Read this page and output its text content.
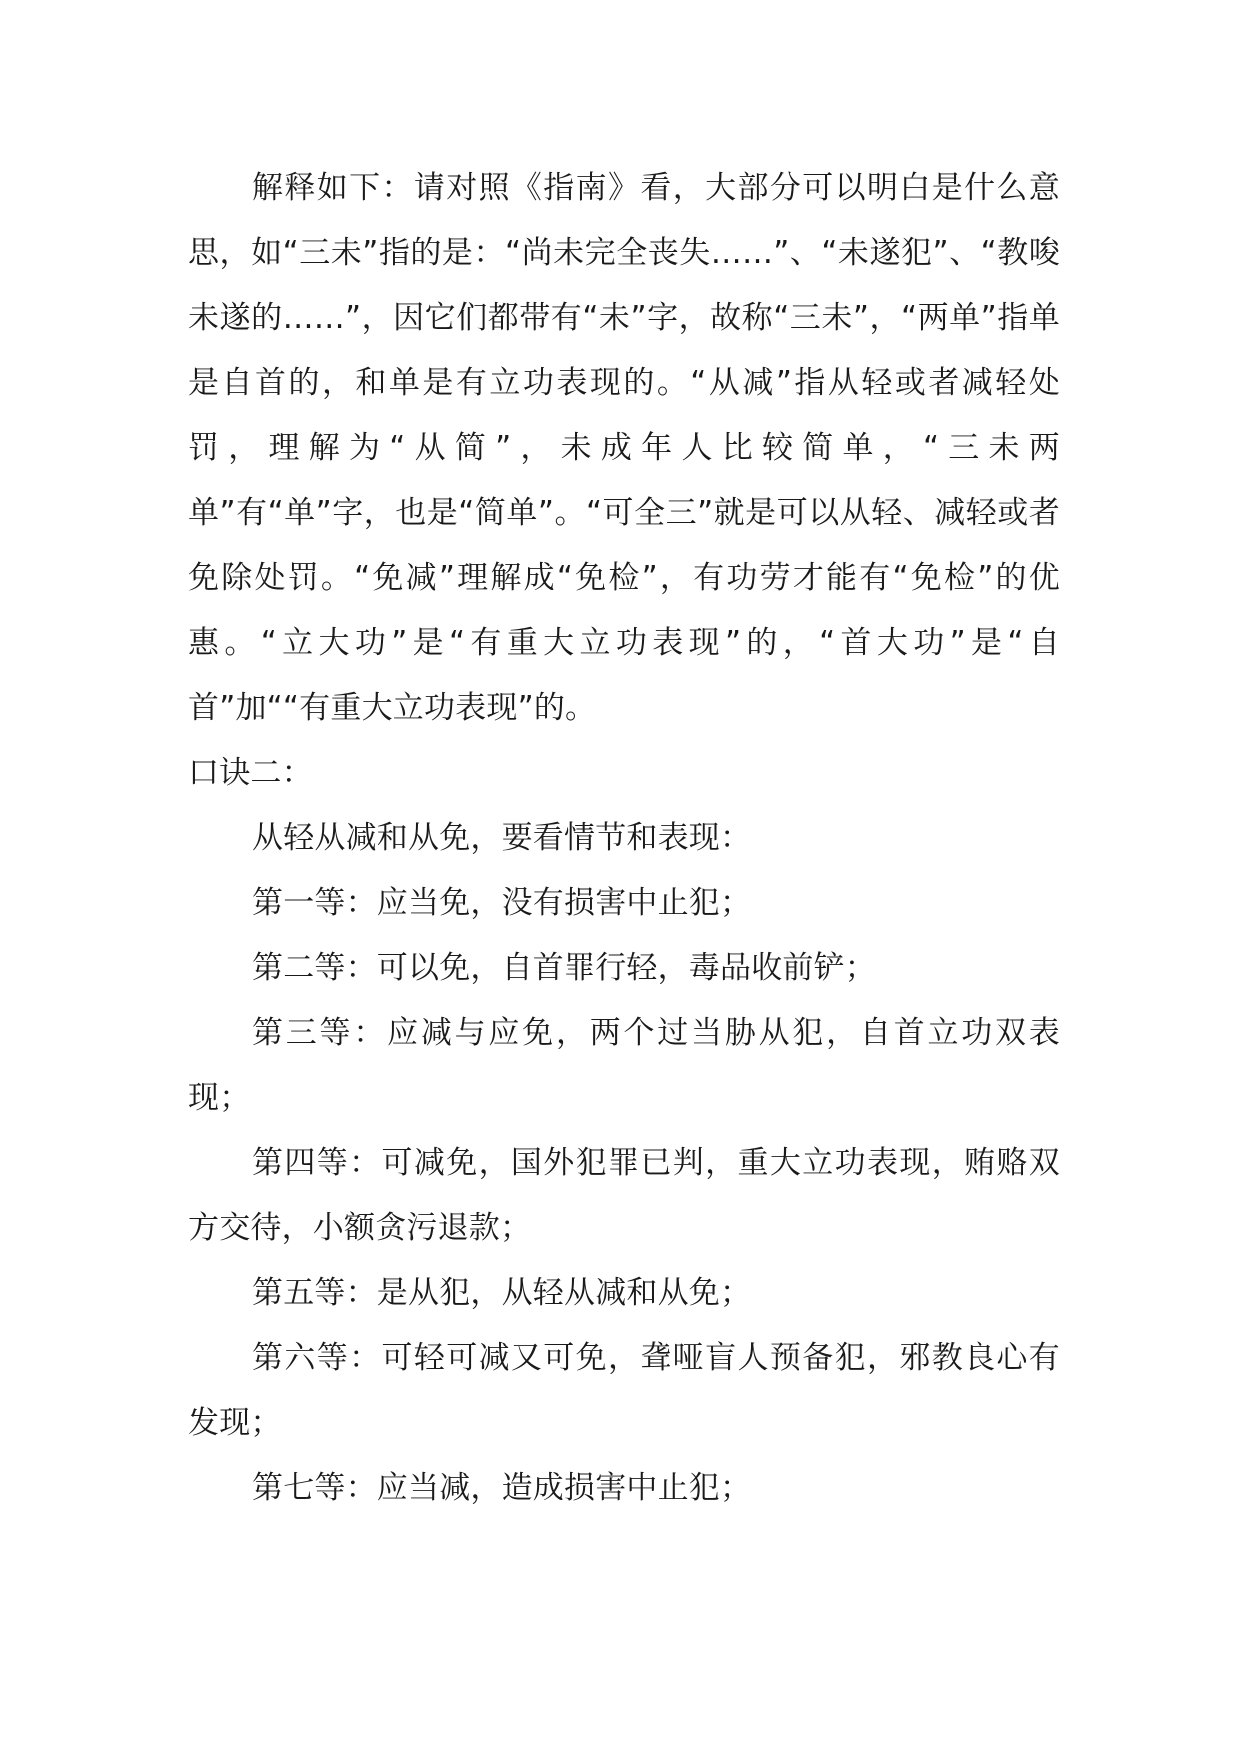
解释如下：请对照《指南》看，大部分可以明白是什么意思，如“三未”指的是：“尚未完全丧失……”、“未遂犯”、“教唆未遂的……”，因它们都带有“未”字，故称“三未”，“两单”指单是自首的，和单是有立功表现的。“从减”指从轻或者减轻处罚，理解为“从简”，未成年人比较简单，“三未两单”有“单”字，也是“简单”。“可全三”就是可以从轻、减轻或者免除处罚。“免减”理解成“免检”，有功劳才能有“免检”的优惠。“立大功”是“有重大立功表现”的，“首大功”是“自首”加““有重大立功表现”的。

口诀二：

从轻从减和从免，要看情节和表现：

第一等：应当免，没有损害中止犯；

第二等：可以免，自首罪行轻，毒品收前铲；

第三等：应减与应免，两个过当胁从犯，自首立功双表现；

第四等：可减免，国外犯罪已判，重大立功表现，贿赂双方交待，小额贪污退款；

第五等：是从犯，从轻从减和从免；

第六等：可轻可减又可免，聋哑盲人预备犯，邪教良心有发现；

第七等：应当减，造成损害中止犯；
